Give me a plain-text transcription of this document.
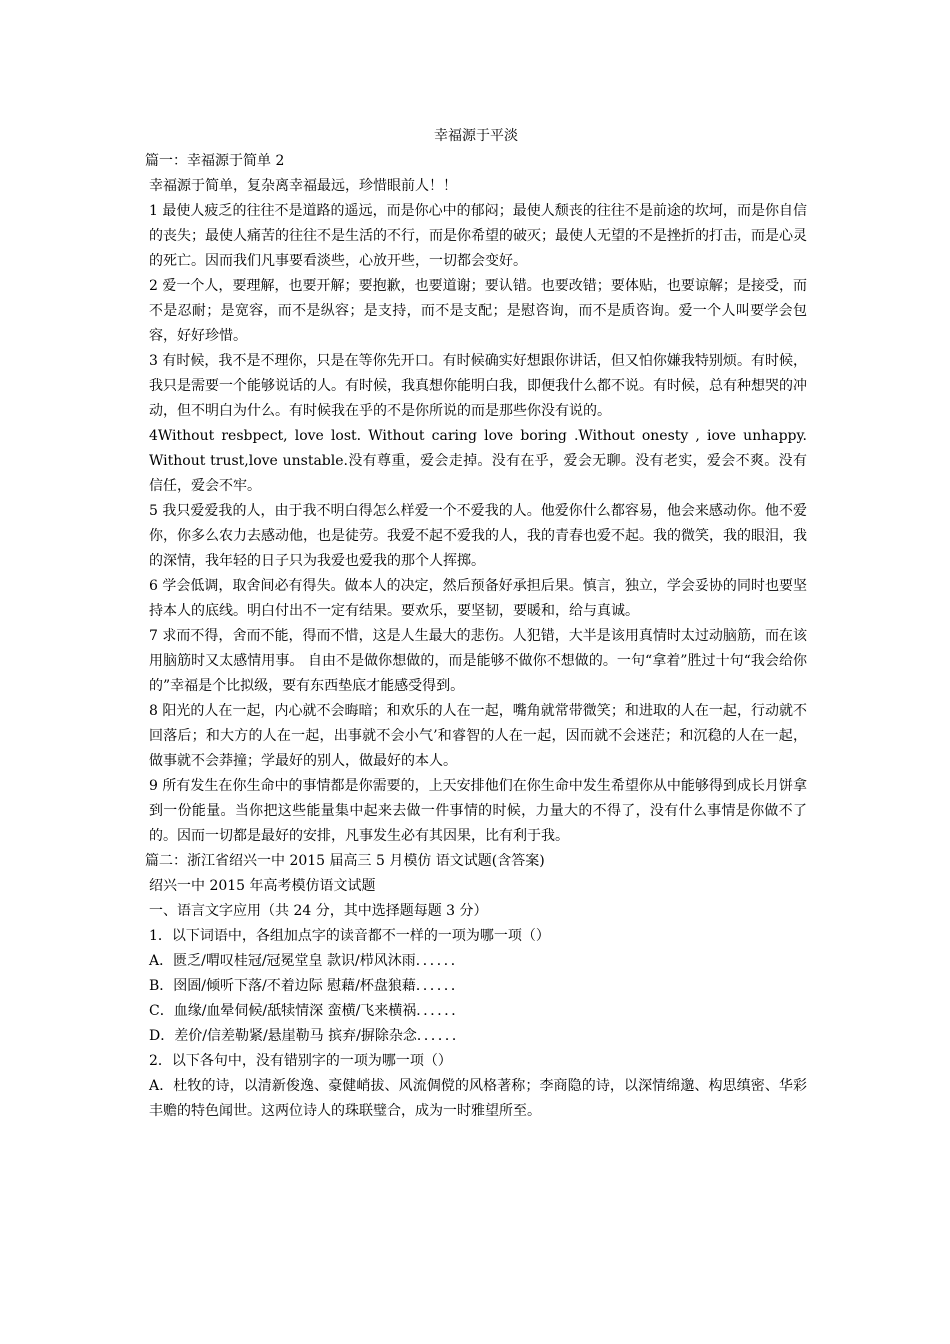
幸福源于平淡

篇一：幸福源于简单 2

幸福源于简单，复杂离幸福最远，珍惜眼前人！！

1 最使人疲乏的往往不是道路的遥远，而是你心中的郁闷；最使人颓丧的往往不是前途的坎坷，而是你自信的丧失；最使人痛苦的往往不是生活的不行，而是你希望的破灭；最使人无望的不是挫折的打击，而是心灵的死亡。因而我们凡事要看淡些，心放开些，一切都会变好。

2 爱一个人，要理解，也要开解；要抱歉，也要道谢；要认错。也要改错；要体贴，也要谅解；是接受，而不是忍耐；是宽容，而不是纵容；是支持，而不是支配；是慰咨询，而不是质咨询。爱一个人叫要学会包容，好好珍惜。

3 有时候，我不是不理你，只是在等你先开口。有时候确实好想跟你讲话，但又怕你嫌我特别烦。有时候，我只是需要一个能够说话的人。有时候，我真想你能明白我，即便我什么都不说。有时候，总有种想哭的冲动，但不明白为什么。有时候我在乎的不是你所说的而是那些你没有说的。

4Without resbpect, love lost. Without caring love boring .Without onesty , iove unhappy. Without trust,love unstable.没有尊重，爱会走掉。没有在乎，爱会无聊。没有老实，爱会不爽。没有信任，爱会不牢。

5 我只爱爱我的人，由于我不明白得怎么样爱一个不爱我的人。他爱你什么都容易，他会来感动你。他不爱你，你多么农力去感动他，也是徒劳。我爱不起不爱我的人，我的青春也爱不起。我的微笑，我的眼泪，我的深情，我年轻的日子只为我爱也爱我的那个人挥掷。

6 学会低调，取舍间必有得失。做本人的决定，然后预备好承担后果。慎言，独立，学会妥协的同时也要坚持本人的底线。明白付出不一定有结果。要欢乐，要坚韧，要暖和，给与真诚。

7 求而不得，舍而不能，得而不惜，这是人生最大的悲伤。人犯错，大半是该用真情时太过动脑筋，而在该用脑筋时又太感情用事。 自由不是做你想做的，而是能够不做你不想做的。一句“拿着”胜过十句“我会给你的”幸福是个比拟级，要有东西垫底才能感受得到。

8 阳光的人在一起，内心就不会晦暗；和欢乐的人在一起，嘴角就常带微笑；和进取的人在一起，行动就不回落后；和大方的人在一起，出事就不会小气’和睿智的人在一起，因而就不会迷茫；和沉稳的人在一起，做事就不会莽撞；学最好的别人，做最好的本人。

9 所有发生在你生命中的事情都是你需要的，上天安排他们在你生命中发生希望你从中能够得到成长月饼拿到一份能量。当你把这些能量集中起来去做一件事情的时候，力量大的不得了，没有什么事情是你做不了的。因而一切都是最好的安排，凡事发生必有其因果，比有利于我。

篇二：浙江省绍兴一中 2015 届高三 5 月模仿 语文试题(含答案)

绍兴一中 2015 年高考模仿语文试题

一、语言文字应用（共 24 分，其中选择题每题 3 分）

1．以下词语中，各组加点字的读音都不一样的一项为哪一项（）

A．匮乏/喟叹桂冠/冠冕堂皇 款识/栉风沐雨．．．．．．

B．囹圄/倾听下落/不着边际 慰藉/杯盘狼藉．．．．．．

C．血缘/血晕伺候/舐犊情深 蛮横/飞来横祸．．．．．．

D．差价/信差勒紧/悬崖勒马 摈弃/摒除杂念．．．．．．

2．以下各句中，没有错别字的一项为哪一项（）

A．杜牧的诗，以清新俊逸、豪健峭拔、风流倜傥的风格著称；李商隐的诗，以深情绵邈、构思缜密、华彩丰赡的特色闻世。这两位诗人的珠联璧合，成为一时雅望所至。
